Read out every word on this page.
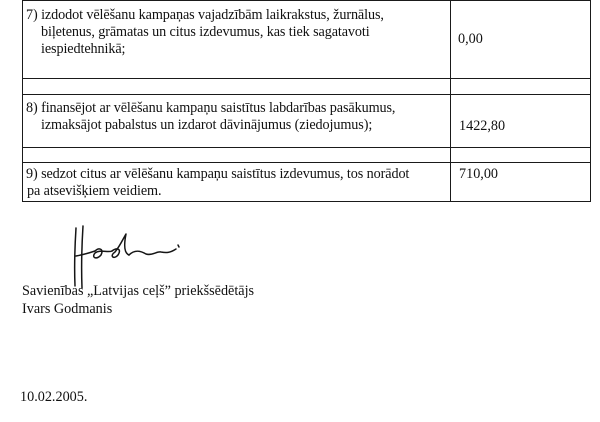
7) izdodot vēlēšanu kampaņas vajadzībām laikrakstus, žurnālus,
biļetenus, grāmatas un citus izdevumus, kas tiek sagatavoti
iespiedtehnikā;
0,00
8) finansējot ar vēlēšanu kampaņu saistītus labdarības pasākumus,
izmaksājot pabalstus un izdarot dāvinājumus (ziedojumus);	1422,80
9) sedzot citus ar vēlēšanu kampaņu saistītus izdevumus, tos norādot
pa atsevišķiem veidiem.
710,00
Savienības „Latvijas ceļš” priekšsēdētājs
Ivars Godmanis
10.02.2005.
